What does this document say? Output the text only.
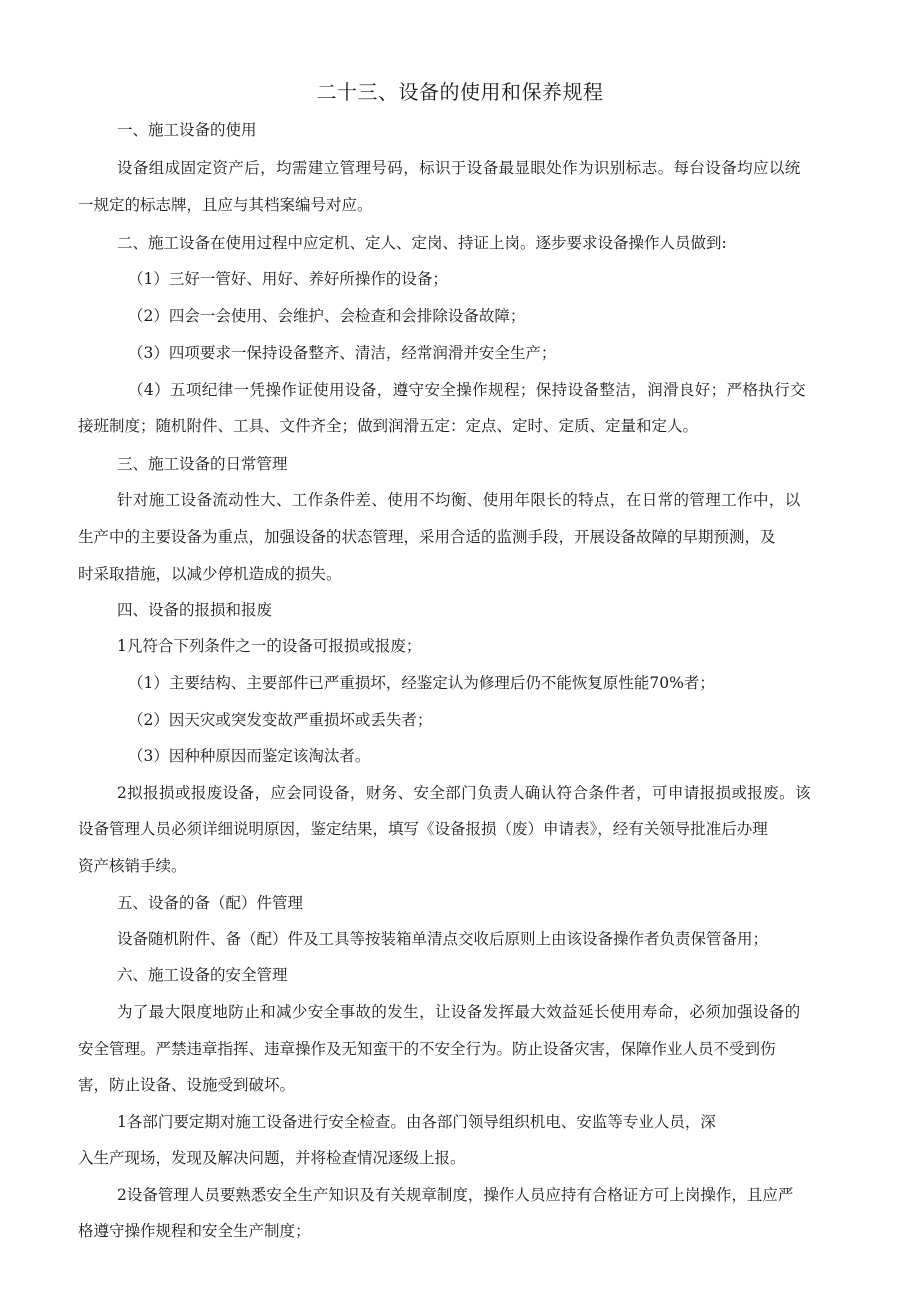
二十三、设备的使用和保养规程
一、施工设备的使用
设备组成固定资产后，均需建立管理号码，标识于设备最显眼处作为识别标志。每台设备均应以统
一规定的标志牌，且应与其档案编号对应。
二、施工设备在使用过程中应定机、定人、定岗、持证上岗。逐步要求设备操作人员做到:
（1）三好一管好、用好、养好所操作的设备；
（2）四会一会使用、会维护、会检查和会排除设备故障；
（3）四项要求一保持设备整齐、清洁，经常润滑并安全生产；
（4）五项纪律一凭操作证使用设备，遵守安全操作规程；保持设备整洁，润滑良好；严格执行交
接班制度；随机附件、工具、文件齐全；做到润滑五定：定点、定时、定质、定量和定人。
三、施工设备的日常管理
针对施工设备流动性大、工作条件差、使用不均衡、使用年限长的特点，在日常的管理工作中，以
生产中的主要设备为重点，加强设备的状态管理，采用合适的监测手段，开展设备故障的早期预测，及
时采取措施，以减少停机造成的损失。
四、设备的报损和报废
1凡符合下列条件之一的设备可报损或报废；
（1）主要结构、主要部件已严重损坏，经鉴定认为修理后仍不能恢复原性能70%者；
（2）因天灾或突发变故严重损坏或丢失者；
（3）因种种原因而鉴定该淘汰者。
2拟报损或报废设备，应会同设备，财务、安全部门负责人确认符合条件者，可申请报损或报废。该
设备管理人员必须详细说明原因，鉴定结果，填写《设备报损（废）申请表》，经有关领导批准后办理
资产核销手续。
五、设备的备（配）件管理
设备随机附件、备（配）件及工具等按装箱单清点交收后原则上由该设备操作者负责保管备用；
六、施工设备的安全管理
为了最大限度地防止和减少安全事故的发生，让设备发挥最大效益延长使用寿命，必须加强设备的
安全管理。严禁违章指挥、违章操作及无知蛮干的不安全行为。防止设备灾害，保障作业人员不受到伤
害，防止设备、设施受到破坏。
1各部门要定期对施工设备进行安全检查。由各部门领导组织机电、安监等专业人员，深
入生产现场，发现及解决问题，并将检查情况逐级上报。
2设备管理人员要熟悉安全生产知识及有关规章制度，操作人员应持有合格证方可上岗操作，且应严
格遵守操作规程和安全生产制度；
